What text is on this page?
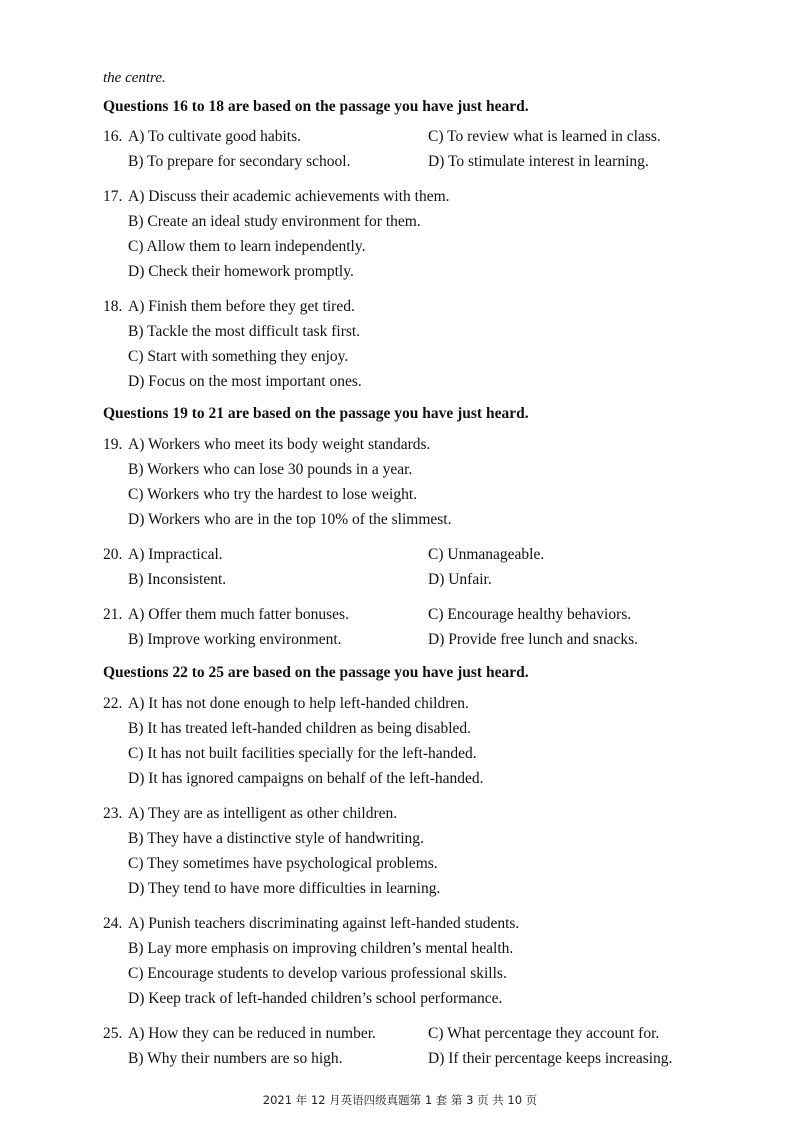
the centre.
Questions 16 to 18 are based on the passage you have just heard.
16. A) To cultivate good habits.	C) To review what is learned in class.
B) To prepare for secondary school.	D) To stimulate interest in learning.
17. A) Discuss their academic achievements with them.
B) Create an ideal study environment for them.
C) Allow them to learn independently.
D) Check their homework promptly.
18. A) Finish them before they get tired.
B) Tackle the most difficult task first.
C) Start with something they enjoy.
D) Focus on the most important ones.
Questions 19 to 21 are based on the passage you have just heard.
19. A) Workers who meet its body weight standards.
B) Workers who can lose 30 pounds in a year.
C) Workers who try the hardest to lose weight.
D) Workers who are in the top 10% of the slimmest.
20. A) Impractical.	C) Unmanageable.
B) Inconsistent.	D) Unfair.
21. A) Offer them much fatter bonuses.	C) Encourage healthy behaviors.
B) Improve working environment.	D) Provide free lunch and snacks.
Questions 22 to 25 are based on the passage you have just heard.
22. A) It has not done enough to help left-handed children.
B) It has treated left-handed children as being disabled.
C) It has not built facilities specially for the left-handed.
D) It has ignored campaigns on behalf of the left-handed.
23. A) They are as intelligent as other children.
B) They have a distinctive style of handwriting.
C) They sometimes have psychological problems.
D) They tend to have more difficulties in learning.
24. A) Punish teachers discriminating against left-handed students.
B) Lay more emphasis on improving children’s mental health.
C) Encourage students to develop various professional skills.
D) Keep track of left-handed children’s school performance.
25. A) How they can be reduced in number.	C) What percentage they account for.
B) Why their numbers are so high.	D) If their percentage keeps increasing.
2021 年 12 月英语四级真题第 1 套 第 3 页 共 10 页
